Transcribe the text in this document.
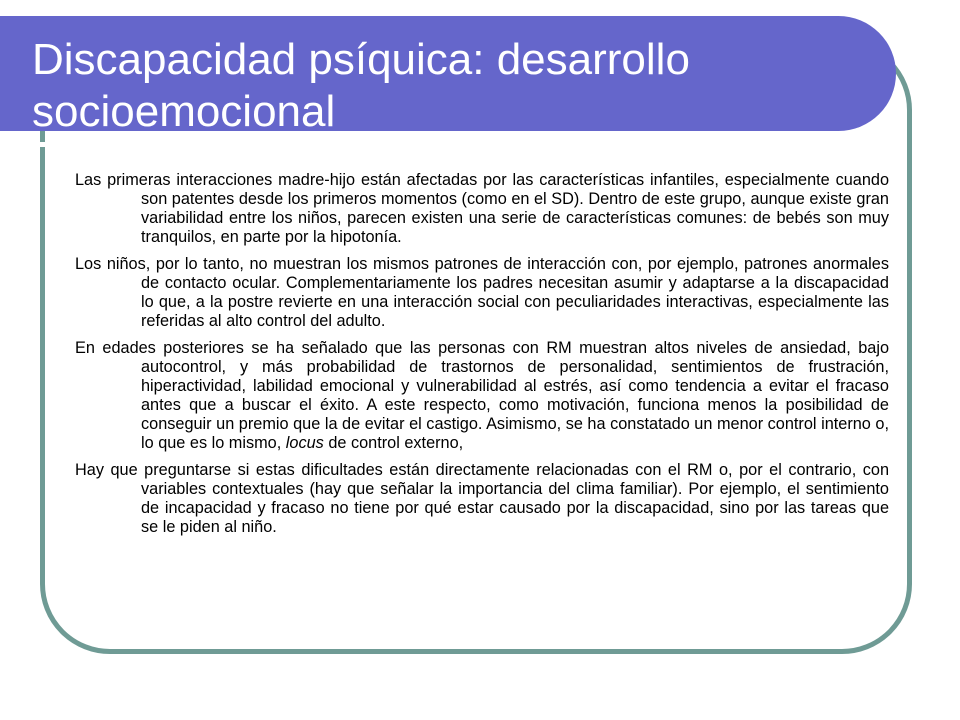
Discapacidad psíquica: desarrollo socioemocional

Las primeras interacciones madre-hijo están afectadas por las características infantiles, especialmente cuando son patentes desde los primeros momentos (como en el SD). Dentro de este grupo, aunque existe gran variabilidad entre los niños, parecen existen una serie de características comunes: de bebés son muy tranquilos, en parte por la hipotonía.

Los niños, por lo tanto, no muestran los mismos patrones de interacción con, por ejemplo, patrones anormales de contacto ocular. Complementariamente los padres necesitan asumir y adaptarse a la discapacidad lo que, a la postre revierte en una interacción social con peculiaridades interactivas, especialmente las referidas al alto control del adulto.

En edades posteriores se ha señalado que las personas con RM muestran altos niveles de ansiedad, bajo autocontrol, y más probabilidad de trastornos de personalidad, sentimientos de frustración, hiperactividad, labilidad emocional y vulnerabilidad al estrés, así como tendencia a evitar el fracaso antes que a buscar el éxito. A este respecto, como motivación, funciona menos la posibilidad de conseguir un premio que la de evitar el castigo. Asimismo, se ha constatado un menor control interno o, lo que es lo mismo, locus de control externo,

Hay que preguntarse si estas dificultades están directamente relacionadas con el RM o, por el contrario, con variables contextuales (hay que señalar la importancia del clima familiar). Por ejemplo, el sentimiento de incapacidad y fracaso no tiene por qué estar causado por la discapacidad, sino por las tareas que se le piden al niño.
